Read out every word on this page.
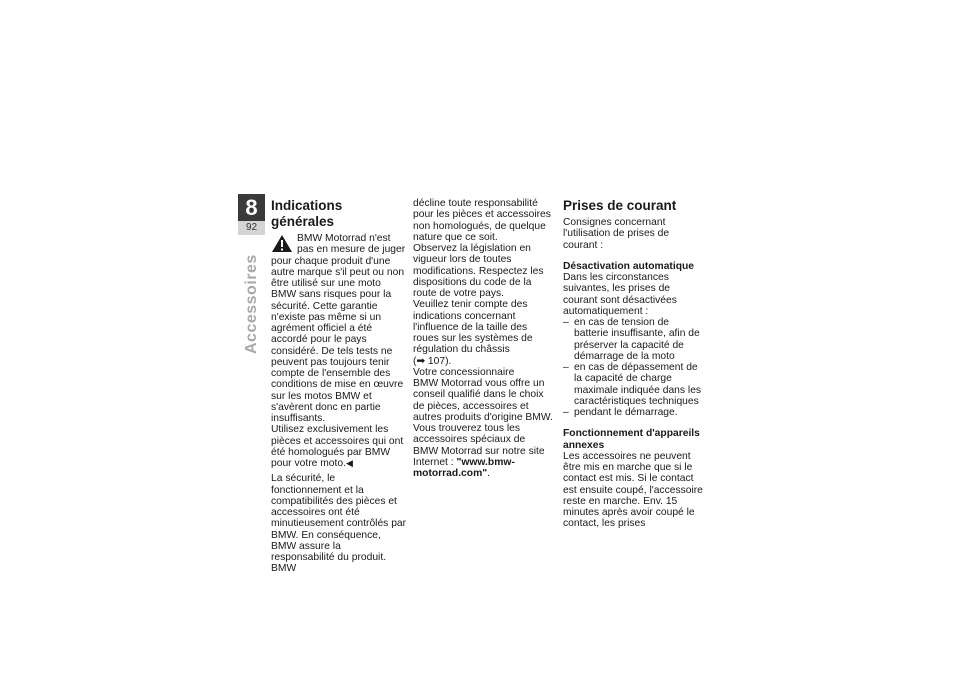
8
92
Accessoires
Indications générales

BMW Motorrad n'est pas en mesure de juger pour chaque produit d'une autre marque s'il peut ou non être utilisé sur une moto BMW sans risques pour la sécurité. Cette garantie n'existe pas même si un agrément officiel a été accordé pour le pays considéré. De tels tests ne peuvent pas toujours tenir compte de l'ensemble des conditions de mise en œuvre sur les motos BMW et s'avèrent donc en partie insuffisants.

Utilisez exclusivement les pièces et accessoires qui ont été homologués par BMW pour votre moto.◀

La sécurité, le fonctionnement et la compatibilités des pièces et accessoires ont été minutieusement contrôlés par BMW. En conséquence, BMW assure la responsabilité du produit. BMW

décline toute responsabilité pour les pièces et accessoires non homologués, de quelque nature que ce soit.

Observez la législation en vigueur lors de toutes modifications. Respectez les dispositions du code de la route de votre pays.

Veuillez tenir compte des indications concernant l'influence de la taille des roues sur les systèmes de régulation du châssis

(➡ 107).

Votre concessionnaire

BMW Motorrad vous offre un conseil qualifié dans le choix de pièces, accessoires et autres produits d'origine BMW.

Vous trouverez tous les accessoires spéciaux de BMW Motorrad sur notre site Internet : "www.bmw-motorrad.com".

Prises de courant

Consignes concernant l'utilisation de prises de courant :

Désactivation automatique

Dans les circonstances suivantes, les prises de courant sont désactivées automatiquement :

– en cas de tension de batterie insuffisante, afin de préserver la capacité de démarrage de la moto
– en cas de dépassement de la capacité de charge maximale indiquée dans les caractéristiques techniques
– pendant le démarrage.
Fonctionnement d'appareils annexes

Les accessoires ne peuvent être mis en marche que si le contact est mis. Si le contact est ensuite coupé, l'accessoire reste en marche. Env. 15 minutes après avoir coupé le contact, les prises
